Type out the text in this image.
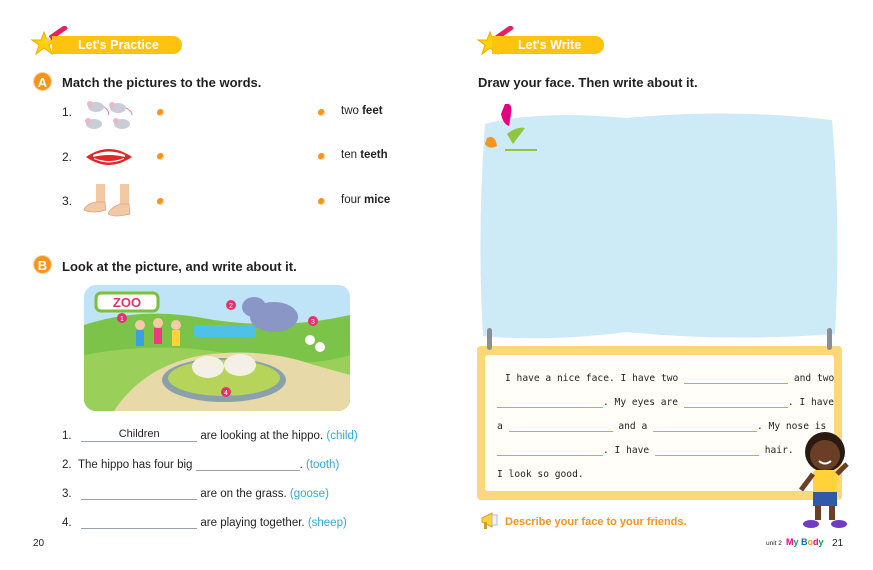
Let's Practice
A	Match the pictures to the words.
1.	two feet
2.	ten teeth
3.	four mice
B	Look at the picture, and write about it.
ZOO
1
2
3
4
1.	Children	are looking at the hippo. (child)
2. The hippo has four big	. (tooth)
3.	are on the grass. (goose)
4.	are playing together. (sheep)
20
Let's Write
Draw your face. Then write about it.
I have a nice face. I have two	and two
. My eyes are	. I have
a	and a	. My nose is
. I have	hair.
I look so good.
Describe your face to your friends.
unit 2 My Body 21
